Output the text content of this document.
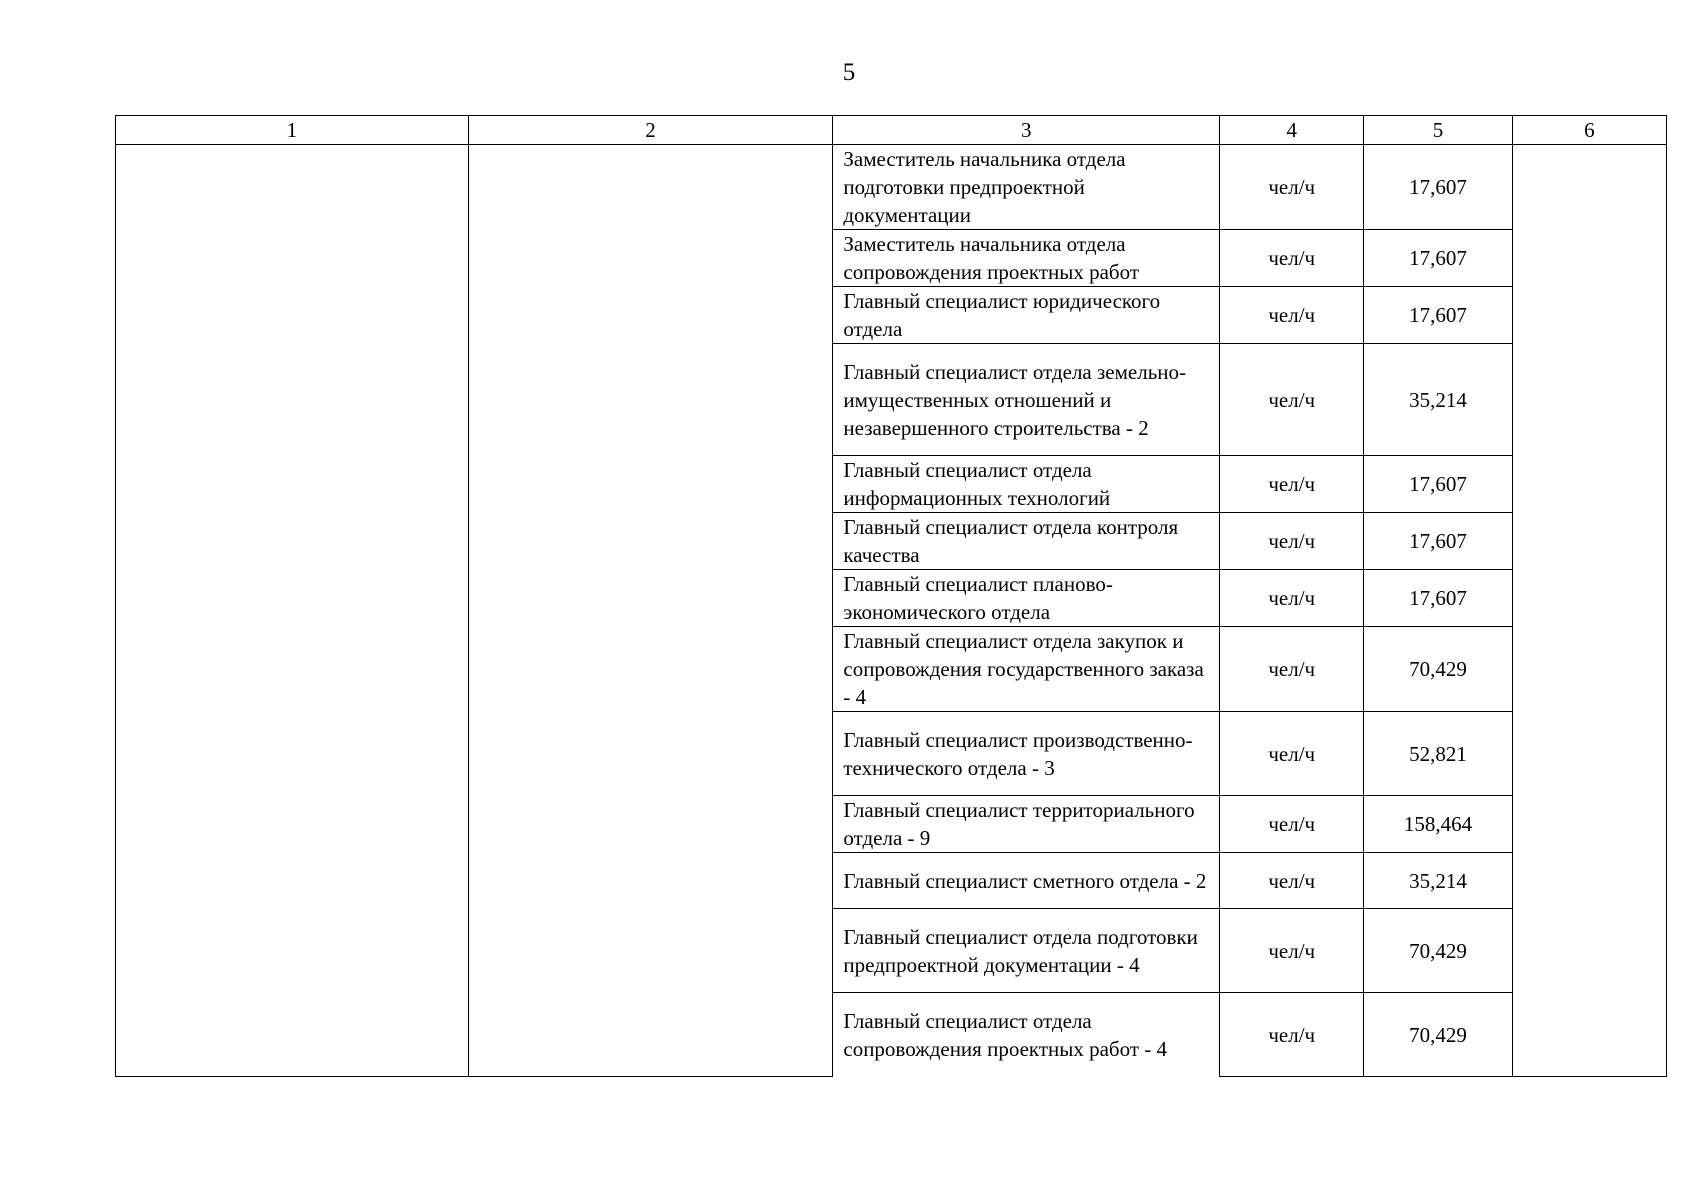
5
1	2	3	4	5	6
		Заместитель начальника отдела подготовки предпроектной документации	чел/ч	17,607	
		Заместитель начальника отдела сопровождения проектных работ	чел/ч	17,607	
		Главный специалист юридического отдела	чел/ч	17,607	
		Главный специалист отдела земельно-имущественных отношений и незавершенного строительства - 2	чел/ч	35,214	
		Главный специалист отдела информационных технологий	чел/ч	17,607	
		Главный специалист отдела контроля качества	чел/ч	17,607	
		Главный специалист планово-экономического отдела	чел/ч	17,607	
		Главный специалист отдела закупок и сопровождения государственного заказа - 4	чел/ч	70,429	
		Главный специалист производственно-технического отдела - 3	чел/ч	52,821	
		Главный специалист территориального отдела - 9	чел/ч	158,464	
		Главный специалист сметного отдела - 2	чел/ч	35,214	
		Главный специалист отдела подготовки предпроектной документации - 4	чел/ч	70,429	
		Главный специалист отдела сопровождения проектных работ - 4	чел/ч	70,429	
